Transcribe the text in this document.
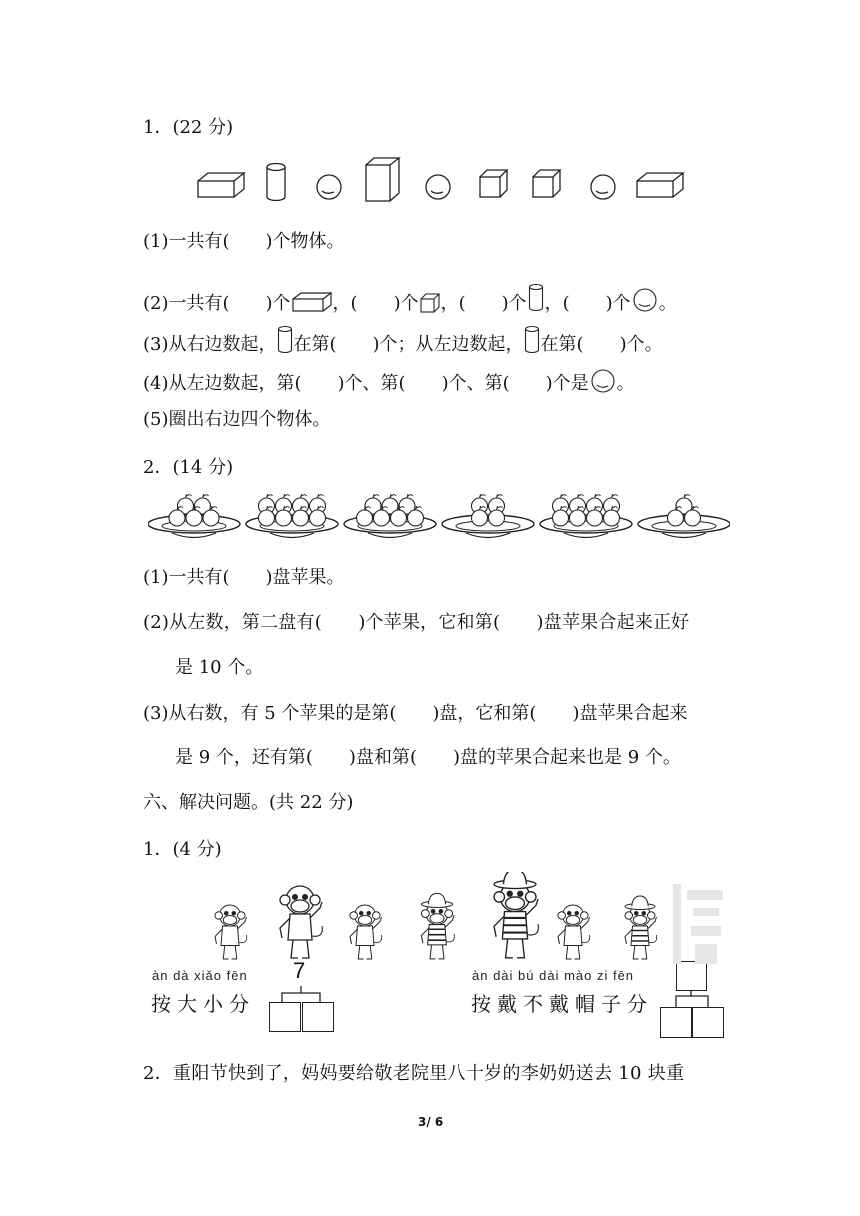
1．(22 分)
(1)一共有(　　)个物体。
(2)一共有(　　)个 ，(　　)个 ，(　　)个 ，(　　)个 。
(3)从右边数起， 在第(　　)个；从左边数起， 在第(　　)个。
(4)从左边数起，第(　　)个、第(　　)个、第(　　)个是 。
(5)圈出右边四个物体。
2．(14 分)
(1)一共有(　　)盘苹果。
(2)从左数，第二盘有(　　)个苹果，它和第(　　)盘苹果合起来正好
是 10 个。
(3)从右数，有 5 个苹果的是第(　　)盘，它和第(　　)盘苹果合起来
是 9 个，还有第(　　)盘和第(　　)盘的苹果合起来也是 9 个。
六、解决问题。(共 22 分)
1．(4 分)
àn dà xiǎo fēn
按大小分
7	àn dài bú dài mào zi fēn
按戴不戴帽子分
2．重阳节快到了，妈妈要给敬老院里八十岁的李奶奶送去 10 块重
3/ 6
